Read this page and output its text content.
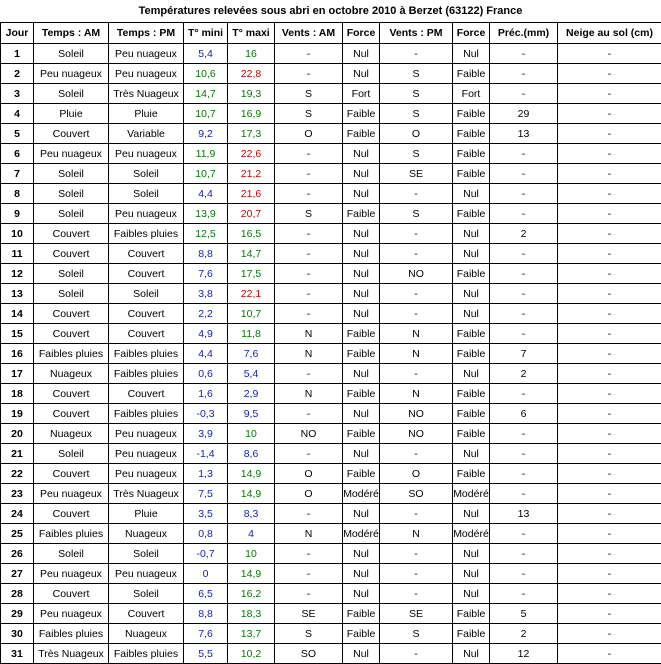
Températures relevées sous abri en octobre 2010 à Berzet (63122) France
Jour	Temps : AM	Temps : PM	T° mini	T° maxi	Vents : AM	Force	Vents : PM	Force	Préc.(mm)	Neige au sol (cm)
1	Soleil	Peu nuageux	5,4	16	-	Nul	-	Nul	-	-
2	Peu nuageux	Peu nuageux	10,6	22,8	-	Nul	S	Faible	-	-
3	Soleil	Très Nuageux	14,7	19,3	S	Fort	S	Fort	-	-
4	Pluie	Pluie	10,7	16,9	S	Faible	S	Faible	29	-
5	Couvert	Variable	9,2	17,3	O	Faible	O	Faible	13	-
6	Peu nuageux	Peu nuageux	11,9	22,6	-	Nul	S	Faible	-	-
7	Soleil	Soleil	10,7	21,2	-	Nul	SE	Faible	-	-
8	Soleil	Soleil	4,4	21,6	-	Nul	-	Nul	-	-
9	Soleil	Peu nuageux	13,9	20,7	S	Faible	S	Faible	-	-
10	Couvert	Faibles pluies	12,5	16,5	-	Nul	-	Nul	2	-
11	Couvert	Couvert	8,8	14,7	-	Nul	-	Nul	-	-
12	Soleil	Couvert	7,6	17,5	-	Nul	NO	Faible	-	-
13	Soleil	Soleil	3,8	22,1	-	Nul	-	Nul	-	-
14	Couvert	Couvert	2,2	10,7	-	Nul	-	Nul	-	-
15	Couvert	Couvert	4,9	11,8	N	Faible	N	Faible	-	-
16	Faibles pluies	Faibles pluies	4,4	7,6	N	Faible	N	Faible	7	-
17	Nuageux	Faibles pluies	0,6	5,4	-	Nul	-	Nul	2	-
18	Couvert	Couvert	1,6	2,9	N	Faible	N	Faible	-	-
19	Couvert	Faibles pluies	-0,3	9,5	-	Nul	NO	Faible	6	-
20	Nuageux	Peu nuageux	3,9	10	NO	Faible	NO	Faible	-	-
21	Soleil	Peu nuageux	-1,4	8,6	-	Nul	-	Nul	-	-
22	Couvert	Peu nuageux	1,3	14,9	O	Faible	O	Faible	-	-
23	Peu nuageux	Très Nuageux	7,5	14,9	O	Modéré	SO	Modéré	-	-
24	Couvert	Pluie	3,5	8,3	-	Nul	-	Nul	13	-
25	Faibles pluies	Nuageux	0,8	4	N	Modéré	N	Modéré	-	-
26	Soleil	Soleil	-0,7	10	-	Nul	-	Nul	-	-
27	Peu nuageux	Peu nuageux	0	14,9	-	Nul	-	Nul	-	-
28	Couvert	Soleil	6,5	16,2	-	Nul	-	Nul	-	-
29	Peu nuageux	Couvert	8,8	18,3	SE	Faible	SE	Faible	5	-
30	Faibles pluies	Nuageux	7,6	13,7	S	Faible	S	Faible	2	-
31	Très Nuageux	Faibles pluies	5,5	10,2	SO	Nul	-	Nul	12	-
